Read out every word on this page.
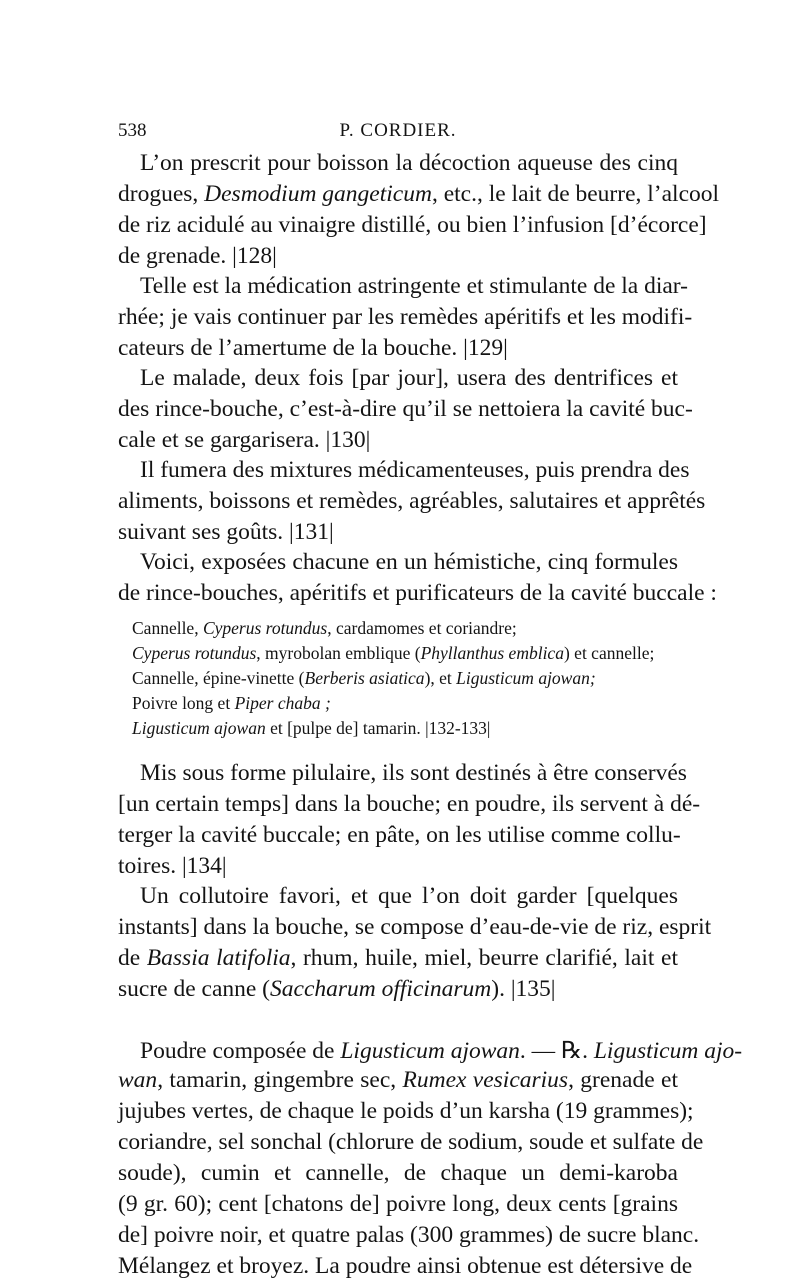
538	P. CORDIER.
L’on prescrit pour boisson la décoction aqueuse des cinq
drogues, Desmodium gangeticum, etc., le lait de beurre, l’alcool
de riz acidulé au vinaigre distillé, ou bien l’infusion [d’écorce]
de grenade. |128|
Telle est la médication astringente et stimulante de la diar-
rhée; je vais continuer par les remèdes apéritifs et les modifi-
cateurs de l’amertume de la bouche. |129|
Le malade, deux fois [par jour], usera des dentrifices et
des rince-bouche, c’est-à-dire qu’il se nettoiera la cavité buc-
cale et se gargarisera. |130|
Il fumera des mixtures médicamenteuses, puis prendra des
aliments, boissons et remèdes, agréables, salutaires et apprêtés
suivant ses goûts. |131|
Voici, exposées chacune en un hémistiche, cinq formules
de rince-bouches, apéritifs et purificateurs de la cavité buccale :
Cannelle, Cyperus rotundus, cardamomes et coriandre;
Cyperus rotundus, myrobolan emblique (Phyllanthus emblica) et cannelle;
Cannelle, épine-vinette (Berberis asiatica), et Ligusticum ajowan;
Poivre long et Piper chaba ;
Ligusticum ajowan et [pulpe de] tamarin. |132-133|
Mis sous forme pilulaire, ils sont destinés à être conservés
[un certain temps] dans la bouche; en poudre, ils servent à dé-
terger la cavité buccale; en pâte, on les utilise comme collu-
toires. |134|
Un collutoire favori, et que l’on doit garder [quelques
instants] dans la bouche, se compose d’eau-de-vie de riz, esprit
de Bassia latifolia, rhum, huile, miel, beurre clarifié, lait et
sucre de canne (Saccharum officinarum). |135|
Poudre composée de Ligusticum ajowan. — ℞. Ligusticum ajo-
wan, tamarin, gingembre sec, Rumex vesicarius, grenade et
jujubes vertes, de chaque le poids d’un karsha (19 grammes);
coriandre, sel sonchal (chlorure de sodium, soude et sulfate de
soude), cumin et cannelle, de chaque un demi-karoba
(9 gr. 60); cent [chatons de] poivre long, deux cents [grains
de] poivre noir, et quatre palas (300 grammes) de sucre blanc.
Mélangez et broyez. La poudre ainsi obtenue est détersive de
